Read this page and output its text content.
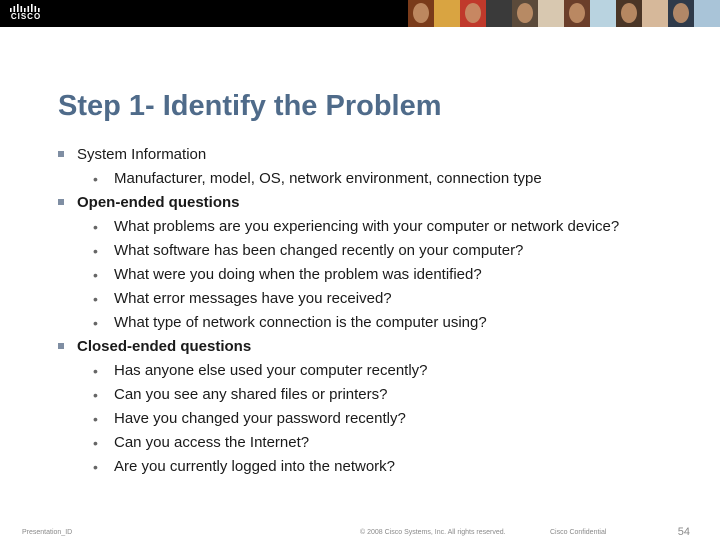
CISCO
Step 1- Identify the Problem
System Information
• Manufacturer, model, OS, network environment, connection type
Open-ended questions
• What problems are you experiencing with your computer or network device?
• What software has been changed recently on your computer?
• What were you doing when the problem was identified?
• What error messages have you received?
• What type of network connection is the computer using?
Closed-ended questions
• Has anyone else used your computer recently?
• Can you see any shared files or printers?
• Have you changed your password recently?
• Can you access the Internet?
• Are you currently logged into the network?
Presentation_ID	© 2008 Cisco Systems, Inc. All rights reserved.	Cisco Confidential	54
